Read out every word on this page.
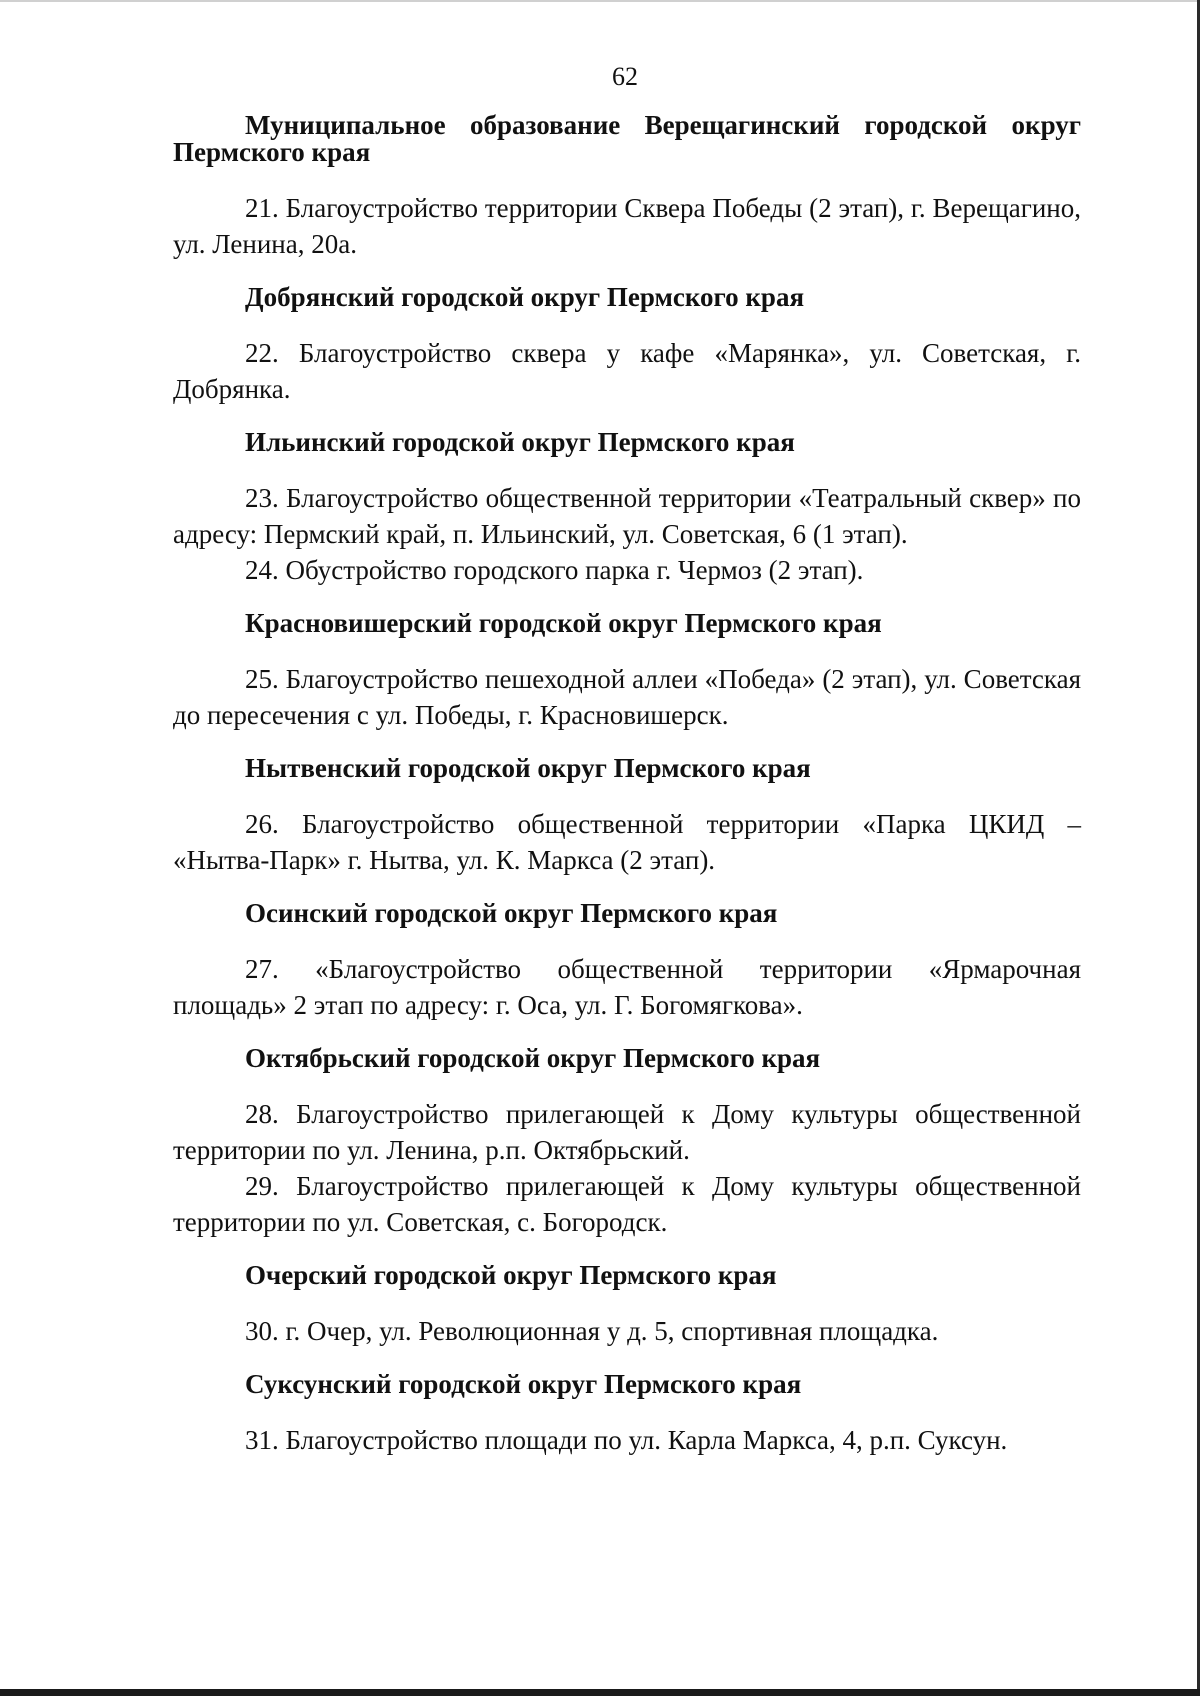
62

Муниципальное образование Верещагинский городской округ Пермского края

21. Благоустройство территории Сквера Победы (2 этап), г. Верещагино, ул. Ленина, 20а.

Добрянский городской округ Пермского края

22. Благоустройство сквера у кафе «Марянка», ул. Советская, г. Добрянка.

Ильинский городской округ Пермского края

23. Благоустройство общественной территории «Театральный сквер» по адресу: Пермский край, п. Ильинский, ул. Советская, 6 (1 этап).

24. Обустройство городского парка г. Чермоз (2 этап).

Красновишерский городской округ Пермского края

25. Благоустройство пешеходной аллеи «Победа» (2 этап), ул. Советская до пересечения с ул. Победы, г. Красновишерск.

Нытвенский городской округ Пермского края

26. Благоустройство общественной территории «Парка ЦКИД – «Нытва-Парк» г. Нытва, ул. К. Маркса (2 этап).

Осинский городской округ Пермского края

27. «Благоустройство общественной территории «Ярмарочная площадь» 2 этап по адресу: г. Оса, ул. Г. Богомягкова».

Октябрьский городской округ Пермского края

28. Благоустройство прилегающей к Дому культуры общественной территории по ул. Ленина, р.п. Октябрьский.

29. Благоустройство прилегающей к Дому культуры общественной территории по ул. Советская, с. Богородск.

Очерский городской округ Пермского края

30. г. Очер, ул. Революционная у д. 5, спортивная площадка.

Суксунский городской округ Пермского края

31. Благоустройство площади по ул. Карла Маркса, 4, р.п. Суксун.
